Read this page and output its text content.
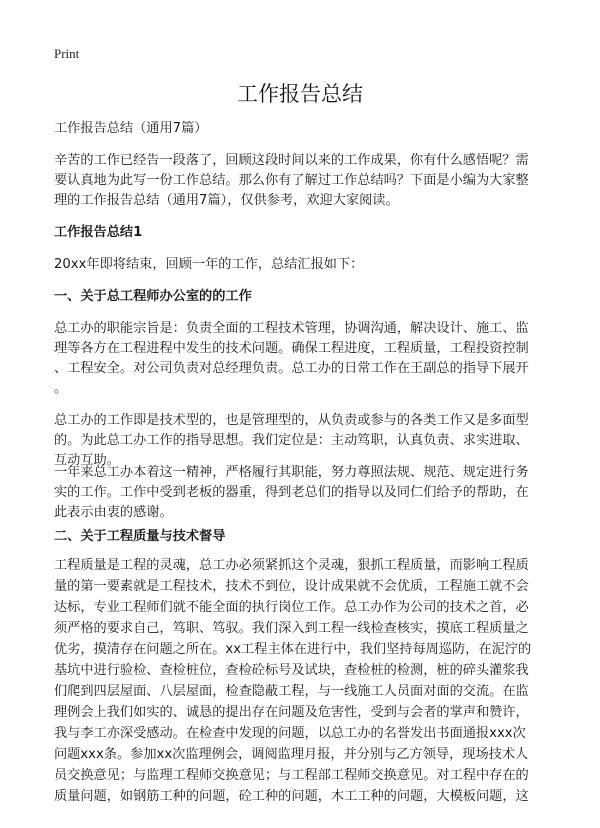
Print
工作报告总结
工作报告总结（通用7篇）
辛苦的工作已经告一段落了，回顾这段时间以来的工作成果，你有什么感悟呢？需
要认真地为此写一份工作总结。那么你有了解过工作总结吗？下面是小编为大家整
理的工作报告总结（通用7篇），仅供参考，欢迎大家阅读。
工作报告总结1
20xx年即将结束，回顾一年的工作，总结汇报如下：
一、关于总工程师办公室的的工作
总工办的职能宗旨是：负责全面的工程技术管理，协调沟通，解决设计、施工、监
理等各方在工程进程中发生的技术问题。确保工程进度，工程质量，工程投资控制
、工程安全。对公司负责对总经理负责。总工办的日常工作在王副总的指导下展开
。
总工办的工作即是技术型的，也是管理型的，从负责或参与的各类工作又是多面型
的。为此总工办工作的指导思想。我们定位是：主动笃职，认真负责、求实进取、
互动互助。
一年来总工办本着这一精神，严格履行其职能，努力尊照法规、规范、规定进行务
实的工作。工作中受到老板的器重，得到老总们的指导以及同仁们给予的帮助，在
此表示由衷的感谢。
二、关于工程质量与技术督导
工程质量是工程的灵魂，总工办必须紧抓这个灵魂，狠抓工程质量，而影响工程质
量的第一要素就是工程技术，技术不到位，设计成果就不会优质，工程施工就不会
达标，专业工程师们就不能全面的执行岗位工作。总工办作为公司的技术之首，必
须严格的要求自己，笃职、笃驭。我们深入到工程一线检查核实，摸底工程质量之
优劣，摸清存在问题之所在。xx工程主体在进行中，我们坚持每周巡防，在泥泞的
基坑中进行验检、查检桩位，查检砼标号及试块，查检桩的检测，桩的碎头灌浆我
们爬到四层屋面、八层屋面，检查隐蔽工程，与一线施工人员面对面的交流。在监
理例会上我们如实的、诚恳的提出存在问题及危害性，受到与会者的掌声和赞许，
我与李工亦深受感动。在检查中发现的问题，以总工办的名誉发出书面通报xxx次
问题xxx条。参加xx次监理例会，调阅监理月报，并分别与乙方领导，现场技术人
员交换意见；与监理工程师交换意见；与工程部工程师交换意见。对工程中存在的
质量问题，如钢筋工种的问题，砼工种的问题，木工工种的问题，大模板问题，这
